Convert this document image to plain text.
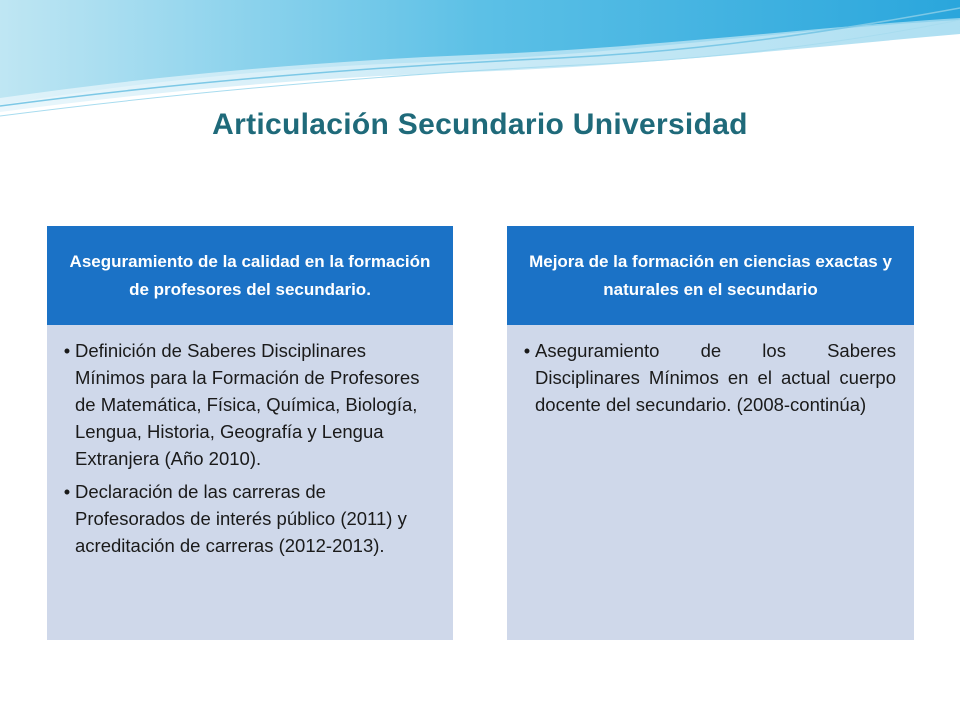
Articulación Secundario Universidad
Aseguramiento de la calidad en la formación de profesores del secundario.
• Definición de Saberes Disciplinares Mínimos para la Formación de Profesores de Matemática, Física, Química, Biología, Lengua, Historia, Geografía y Lengua Extranjera (Año 2010).
• Declaración de las carreras de Profesorados de interés público (2011) y acreditación de carreras (2012-2013).
Mejora de la formación en ciencias exactas y naturales en el secundario
• Aseguramiento de los Saberes Disciplinares Mínimos en el actual cuerpo docente del secundario. (2008-continúa)
